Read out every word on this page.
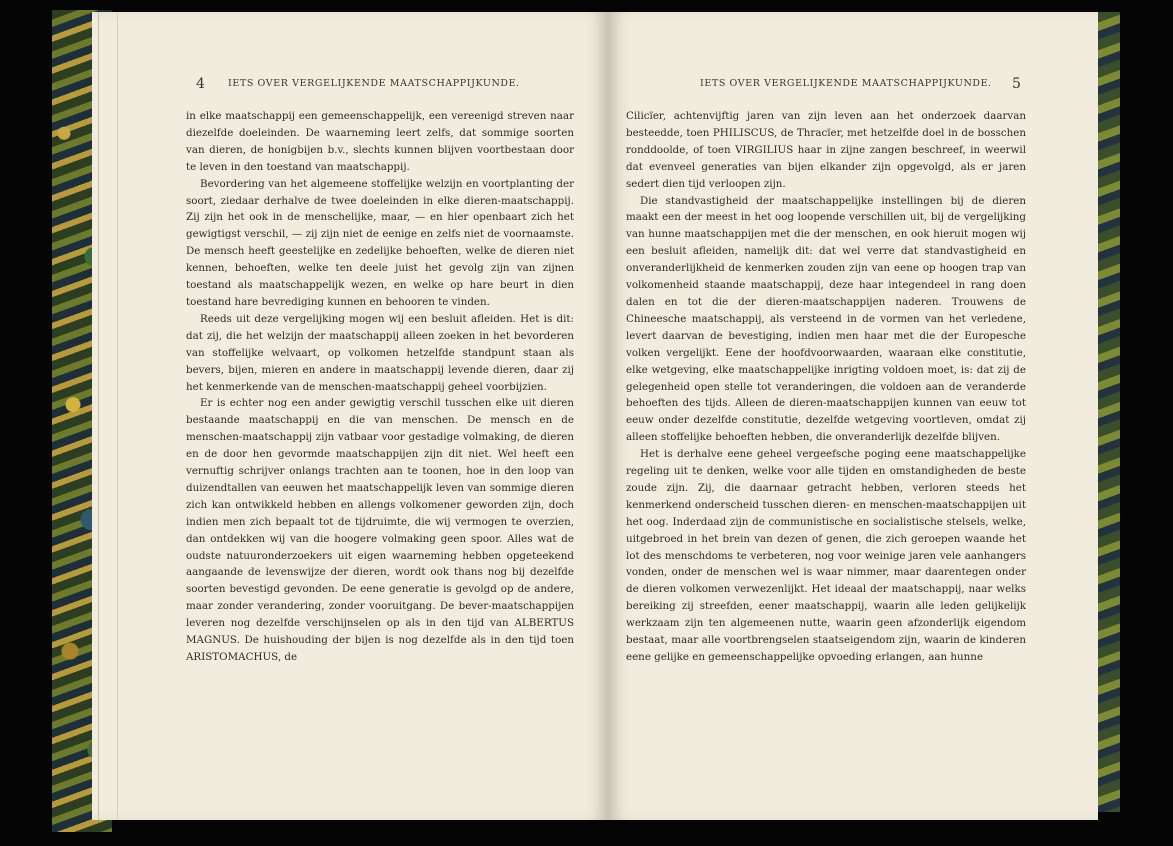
4 IETS OVER VERGELIJKENDE MAATSCHAPPIJKUNDE.

in elke maatschappij een gemeenschappelijk, een vereenigd streven naar diezelfde doeleinden. De waarneming leert zelfs, dat sommige soorten van dieren, de honigbijen b.v., slechts kunnen blijven voortbestaan door te leven in den toestand van maatschappij.

Bevordering van het algemeene stoffelijke welzijn en voortplanting der soort, ziedaar derhalve de twee doeleinden in elke dieren-maatschappij. Zij zijn het ook in de menschelijke, maar, — en hier openbaart zich het gewigtigst verschil, — zij zijn niet de eenige en zelfs niet de voornaamste. De mensch heeft geestelijke en zedelijke behoeften, welke de dieren niet kennen, behoeften, welke ten deele juist het gevolg zijn van zijnen toestand als maatschappelijk wezen, en welke op hare beurt in dien toestand hare bevrediging kunnen en behooren te vinden.

Reeds uit deze vergelijking mogen wij een besluit afleiden. Het is dit: dat zij, die het welzijn der maatschappij alleen zoeken in het bevorderen van stoffelijke welvaart, op volkomen hetzelfde standpunt staan als bevers, bijen, mieren en andere in maatschappij levende dieren, daar zij het kenmerkende van de menschen-maatschappij geheel voorbijzien.

Er is echter nog een ander gewigtig verschil tusschen elke uit dieren bestaande maatschappij en die van menschen. De mensch en de menschen-maatschappij zijn vatbaar voor gestadige volmaking, de dieren en de door hen gevormde maatschappijen zijn dit niet. Wel heeft een vernuftig schrijver onlangs trachten aan te toonen, hoe in den loop van duizendtallen van eeuwen het maatschappelijk leven van sommige dieren zich kan ontwikkeld hebben en allengs volkomener geworden zijn, doch indien men zich bepaalt tot de tijdruimte, die wij vermogen te overzien, dan ontdekken wij van die hoogere volmaking geen spoor. Alles wat de oudste natuuronderzoekers uit eigen waarneming hebben opgeteekend aangaande de levenswijze der dieren, wordt ook thans nog bij dezelfde soorten bevestigd gevonden. De eene generatie is gevolgd op de andere, maar zonder verandering, zonder vooruitgang. De bever-maatschappijen leveren nog dezelfde verschijnselen op als in den tijd van ALBERTUS MAGNUS. De huishouding der bijen is nog dezelfde als in den tijd toen ARISTOMACHUS, de

IETS OVER VERGELIJKENDE MAATSCHAPPIJKUNDE. 5

Cilicïer, achtenvijftig jaren van zijn leven aan het onderzoek daarvan besteedde, toen PHILISCUS, de Thracïer, met hetzelfde doel in de bosschen ronddoolde, of toen VIRGILIUS haar in zijne zangen beschreef, in weerwil dat evenveel generaties van bijen elkander zijn opgevolgd, als er jaren sedert dien tijd verloopen zijn.

Die standvastigheid der maatschappelijke instellingen bij de dieren maakt een der meest in het oog loopende verschillen uit, bij de vergelijking van hunne maatschappijen met die der menschen, en ook hieruit mogen wij een besluit afleiden, namelijk dit: dat wel verre dat standvastigheid en onveranderlijkheid de kenmerken zouden zijn van eene op hoogen trap van volkomenheid staande maatschappij, deze haar integendeel in rang doen dalen en tot die der dieren-maatschappijen naderen. Trouwens de Chineesche maatschappij, als versteend in de vormen van het verledene, levert daarvan de bevestiging, indien men haar met die der Europesche volken vergelijkt. Eene der hoofdvoorwaarden, waaraan elke constitutie, elke wetgeving, elke maatschappelijke inrigting voldoen moet, is: dat zij de gelegenheid open stelle tot veranderingen, die voldoen aan de veranderde behoeften des tijds. Alleen de dieren-maatschappijen kunnen van eeuw tot eeuw onder dezelfde constitutie, dezelfde wetgeving voortleven, omdat zij alleen stoffelijke behoeften hebben, die onveranderlijk dezelfde blijven.

Het is derhalve eene geheel vergeefsche poging eene maatschappelijke regeling uit te denken, welke voor alle tijden en omstandigheden de beste zoude zijn. Zij, die daarnaar getracht hebben, verloren steeds het kenmerkend onderscheid tusschen dieren- en menschen-maatschappijen uit het oog. Inderdaad zijn de communistische en socialistische stelsels, welke, uitgebroed in het brein van dezen of genen, die zich geroepen waande het lot des menschdoms te verbeteren, nog voor weinige jaren vele aanhangers vonden, onder de menschen wel is waar nimmer, maar daarentegen onder de dieren volkomen verwezenlijkt. Het ideaal der maatschappij, naar welks bereiking zij streefden, eener maatschappij, waarin alle leden gelijkelijk werkzaam zijn ten algemeenen nutte, waarin geen afzonderlijk eigendom bestaat, maar alle voortbrengselen staatseigendom zijn, waarin de kinderen eene gelijke en gemeenschappelijke opvoeding erlangen, aan hunne
